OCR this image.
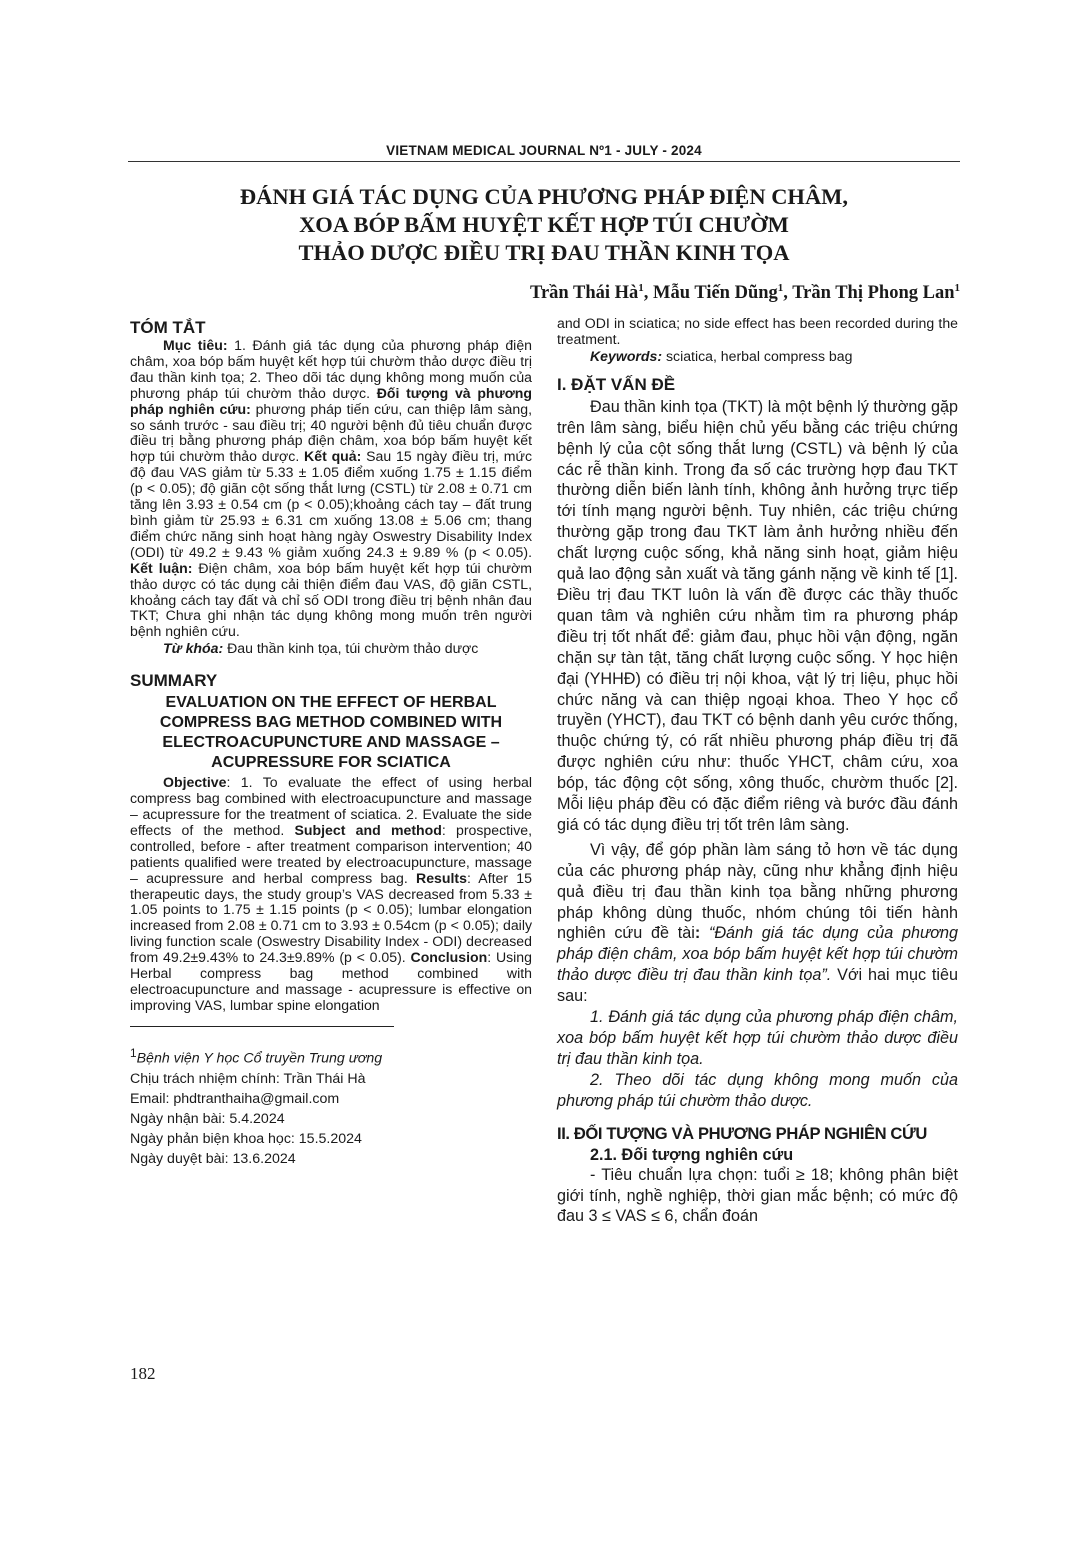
VIETNAM MEDICAL JOURNAL Nº1 - JULY - 2024
ĐÁNH GIÁ TÁC DỤNG CỦA PHƯƠNG PHÁP ĐIỆN CHÂM,
XOA BÓP BẤM HUYỆT KẾT HỢP TÚI CHƯỜM
THẢO DƯỢC ĐIỀU TRỊ ĐAU THẦN KINH TỌA
Trần Thái $Hà^1$, Mẫu Tiến Dũng$^1$, Trần Thị Phong Lan$^1$
TÓM TẮT

Mục tiêu: 1. Đánh giá tác dụng của phương pháp điện châm, xoa bóp bấm huyệt kết hợp túi chườm thảo dược điều trị đau thần kinh tọa; 2. Theo dõi tác dụng không mong muốn của phương pháp túi chườm thảo dược. Đối tượng và phương pháp nghiên cứu: phương pháp tiến cứu, can thiệp lâm sàng, so sánh trước - sau điều trị; 40 người bệnh đủ tiêu chuẩn được điều trị bằng phương pháp điện châm, xoa bóp bấm huyệt kết hợp túi chườm thảo dược. Kết quả: Sau 15 ngày điều trị, mức độ đau VAS giảm từ 5.33 ± 1.05 điểm xuống 1.75 ± 1.15 điểm (p < 0.05); độ giãn cột sống thắt lưng (CSTL) từ 2.08 ± 0.71 cm tăng lên 3.93 ± 0.54 cm (p < 0.05);khoảng cách tay – đất trung bình giảm từ 25.93 ± 6.31 cm xuống 13.08 ± 5.06 cm; thang điểm chức năng sinh hoạt hàng ngày Oswestry Disability Index (ODI) từ 49.2 ± 9.43 % giảm xuống 24.3 ± 9.89 % (p < 0.05). Kết luận: Điện châm, xoa bóp bấm huyệt kết hợp túi chườm thảo dược có tác dụng cải thiện điểm đau VAS, độ giãn CSTL, khoảng cách tay đất và chỉ số ODI trong điều trị bệnh nhân đau TKT; Chưa ghi nhận tác dụng không mong muốn trên người bệnh nghiên cứu.

Từ khóa: Đau thần kinh tọa, túi chườm thảo dược

SUMMARY
EVALUATION ON THE EFFECT OF HERBAL COMPRESS BAG METHOD COMBINED WITH ELECTROACUPUNCTURE AND MASSAGE – ACUPRESSURE FOR SCIATICA

Objective: 1. To evaluate the effect of using herbal compress bag combined with electroacupuncture and massage – acupressure for the treatment of sciatica. 2. Evaluate the side effects of the method. Subject and method: prospective, controlled, before - after treatment comparison intervention; 40 patients qualified were treated by electroacupuncture, massage – acupressure and herbal compress bag. Results: After 15 therapeutic days, the study group’s VAS decreased from 5.33 ± 1.05 points to 1.75 ± 1.15 points (p < 0.05); lumbar elongation increased from 2.08 ± 0.71 cm to 3.93 ± 0.54cm (p < 0.05); daily living function scale (Oswestry Disability Index - ODI) decreased from 49.2±9.43% to 24.3±9.89% (p < 0.05). Conclusion: Using Herbal compress bag method combined with electroacupuncture and massage - acupressure is effective on improving VAS, lumbar spine elongation

$^1$Bệnh viện Y học Cổ truyền Trung ương
Chịu trách nhiệm chính: Trần Thái Hà
Email: phdtranthaiha@gmail.com
Ngày nhận bài: 5.4.2024
Ngày phản biện khoa học: 15.5.2024
Ngày duyệt bài: 13.6.2024

and ODI in sciatica; no side effect has been recorded during the treatment.

Keywords: sciatica, herbal compress bag

I. ĐẶT VẤN ĐỀ

Đau thần kinh tọa (TKT) là một bệnh lý thường gặp trên lâm sàng, biểu hiện chủ yếu bằng các triệu chứng bệnh lý của cột sống thắt lưng (CSTL) và bệnh lý của các rễ thần kinh. Trong đa số các trường hợp đau TKT thường diễn biến lành tính, không ảnh hưởng trực tiếp tới tính mạng người bệnh. Tuy nhiên, các triệu chứng thường gặp trong đau TKT làm ảnh hưởng nhiều đến chất lượng cuộc sống, khả năng sinh hoạt, giảm hiệu quả lao động sản xuất và tăng gánh nặng về kinh tế [1]. Điều trị đau TKT luôn là vấn đề được các thầy thuốc quan tâm và nghiên cứu nhằm tìm ra phương pháp điều trị tốt nhất để: giảm đau, phục hồi vận động, ngăn chặn sự tàn tật, tăng chất lượng cuộc sống. Y học hiện đại (YHHĐ) có điều trị nội khoa, vật lý trị liệu, phục hồi chức năng và can thiệp ngoại khoa. Theo Y học cổ truyền (YHCT), đau TKT có bệnh danh yêu cước thống, thuộc chứng tý, có rất nhiều phương pháp điều trị đã được nghiên cứu như: thuốc YHCT, châm cứu, xoa bóp, tác động cột sống, xông thuốc, chườm thuốc [2]. Mỗi liệu pháp đều có đặc điểm riêng và bước đầu đánh giá có tác dụng điều trị tốt trên lâm sàng.

Vì vậy, để góp phần làm sáng tỏ hơn về tác dụng của các phương pháp này, cũng như khẳng định hiệu quả điều trị đau thần kinh tọa bằng những phương pháp không dùng thuốc, nhóm chúng tôi tiến hành nghiên cứu đề tài: “Đánh giá tác dụng của phương pháp điện châm, xoa bóp bấm huyệt kết hợp túi chườm thảo dược điều trị đau thần kinh tọa”. Với hai mục tiêu sau:

1. Đánh giá tác dụng của phương pháp điện châm, xoa bóp bấm huyệt kết hợp túi chườm thảo dược điều trị đau thần kinh tọa.

2. Theo dõi tác dụng không mong muốn của phương pháp túi chườm thảo dược.

II. ĐỐI TƯỢNG VÀ PHƯƠNG PHÁP NGHIÊN CỨU
2.1. Đối tượng nghiên cứu

- Tiêu chuẩn lựa chọn: tuổi ≥ 18; không phân biệt giới tính, nghề nghiệp, thời gian mắc bệnh; có mức độ đau 3 ≤ VAS ≤ 6, chẩn đoán

182
